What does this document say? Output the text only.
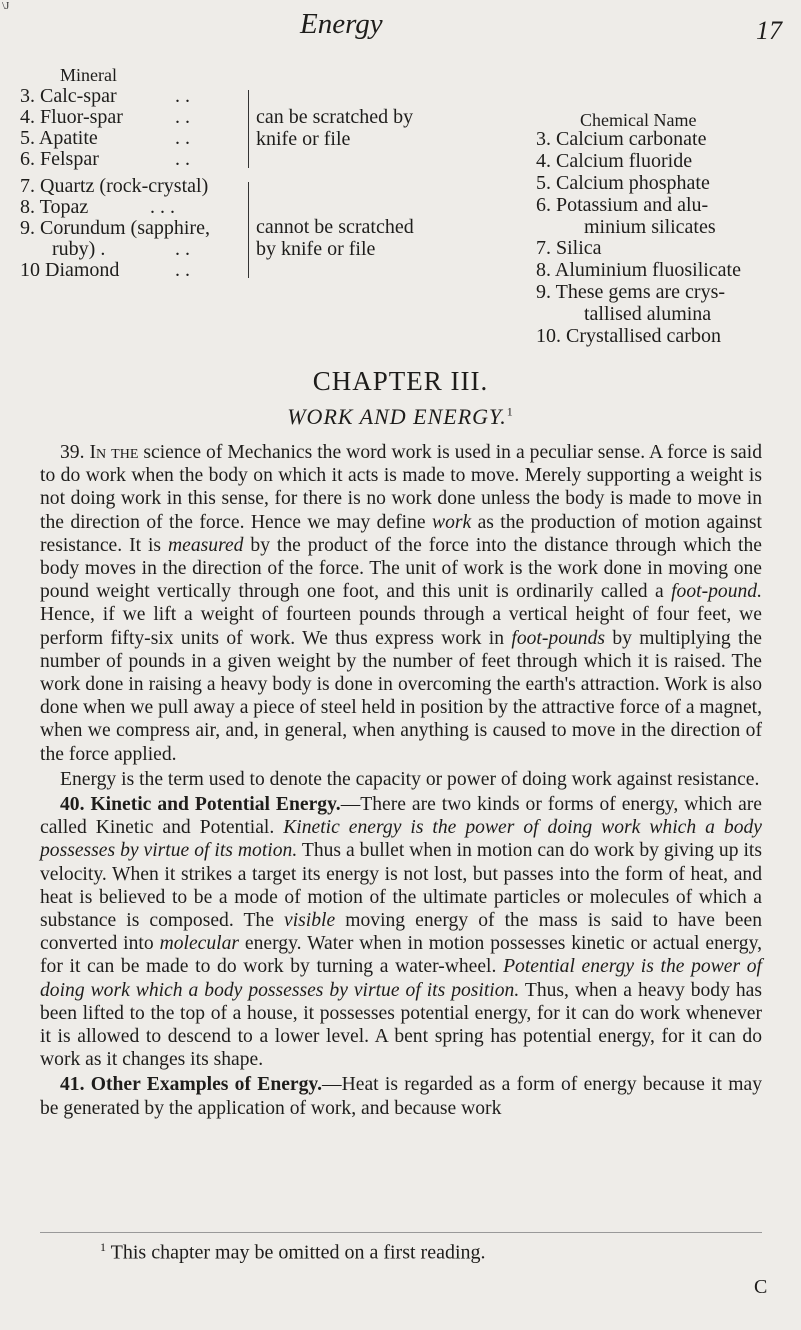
\J
Energy	17
Mineral
Chemical Name
3. Calc-spar
4. Fluor-spar
5. Apatite
6. Felspar
7. Quartz (rock-crystal)
8. Topaz
9. Corundum (sapphire,
ruby) .
10 Diamond
. .
. .
. .
. .
. . .
. .
. .
can be scratched by
knife or file
cannot be scratched
by knife or file
3. Calcium carbonate
4. Calcium fluoride
5. Calcium phosphate
6. Potassium and alu-
minium silicates
7. Silica
8. Aluminium fluosilicate
9. These gems are crys-
tallised alumina
10. Crystallised carbon
CHAPTER III.
WORK AND ENERGY.$^1$

39. In the science of Mechanics the word work is used in a peculiar sense. A force is said to do work when the body on which it acts is made to move. Merely supporting a weight is not doing work in this sense, for there is no work done unless the body is made to move in the direction of the force. Hence we may define work as the production of motion against resistance. It is measured by the product of the force into the distance through which the body moves in the direction of the force. The unit of work is the work done in moving one pound weight vertically through one foot, and this unit is ordinarily called a foot-pound. Hence, if we lift a weight of fourteen pounds through a vertical height of four feet, we perform fifty-six units of work. We thus express work in foot-pounds by multiplying the number of pounds in a given weight by the number of feet through which it is raised. The work done in raising a heavy body is done in overcoming the earth's attraction. Work is also done when we pull away a piece of steel held in position by the attractive force of a magnet, when we compress air, and, in general, when anything is caused to move in the direction of the force applied.

Energy is the term used to denote the capacity or power of doing work against resistance.

40. Kinetic and Potential Energy.—There are two kinds or forms of energy, which are called Kinetic and Potential. Kinetic energy is the power of doing work which a body possesses by virtue of its motion. Thus a bullet when in motion can do work by giving up its velocity. When it strikes a target its energy is not lost, but passes into the form of heat, and heat is believed to be a mode of motion of the ultimate particles or molecules of which a substance is composed. The visible moving energy of the mass is said to have been converted into molecular energy. Water when in motion possesses kinetic or actual energy, for it can be made to do work by turning a water-wheel. Potential energy is the power of doing work which a body possesses by virtue of its position. Thus, when a heavy body has been lifted to the top of a house, it possesses potential energy, for it can do work whenever it is allowed to descend to a lower level. A bent spring has potential energy, for it can do work as it changes its shape.

41. Other Examples of Energy.—Heat is regarded as a form of energy because it may be generated by the application of work, and because work

$^1$ This chapter may be omitted on a first reading.
C
